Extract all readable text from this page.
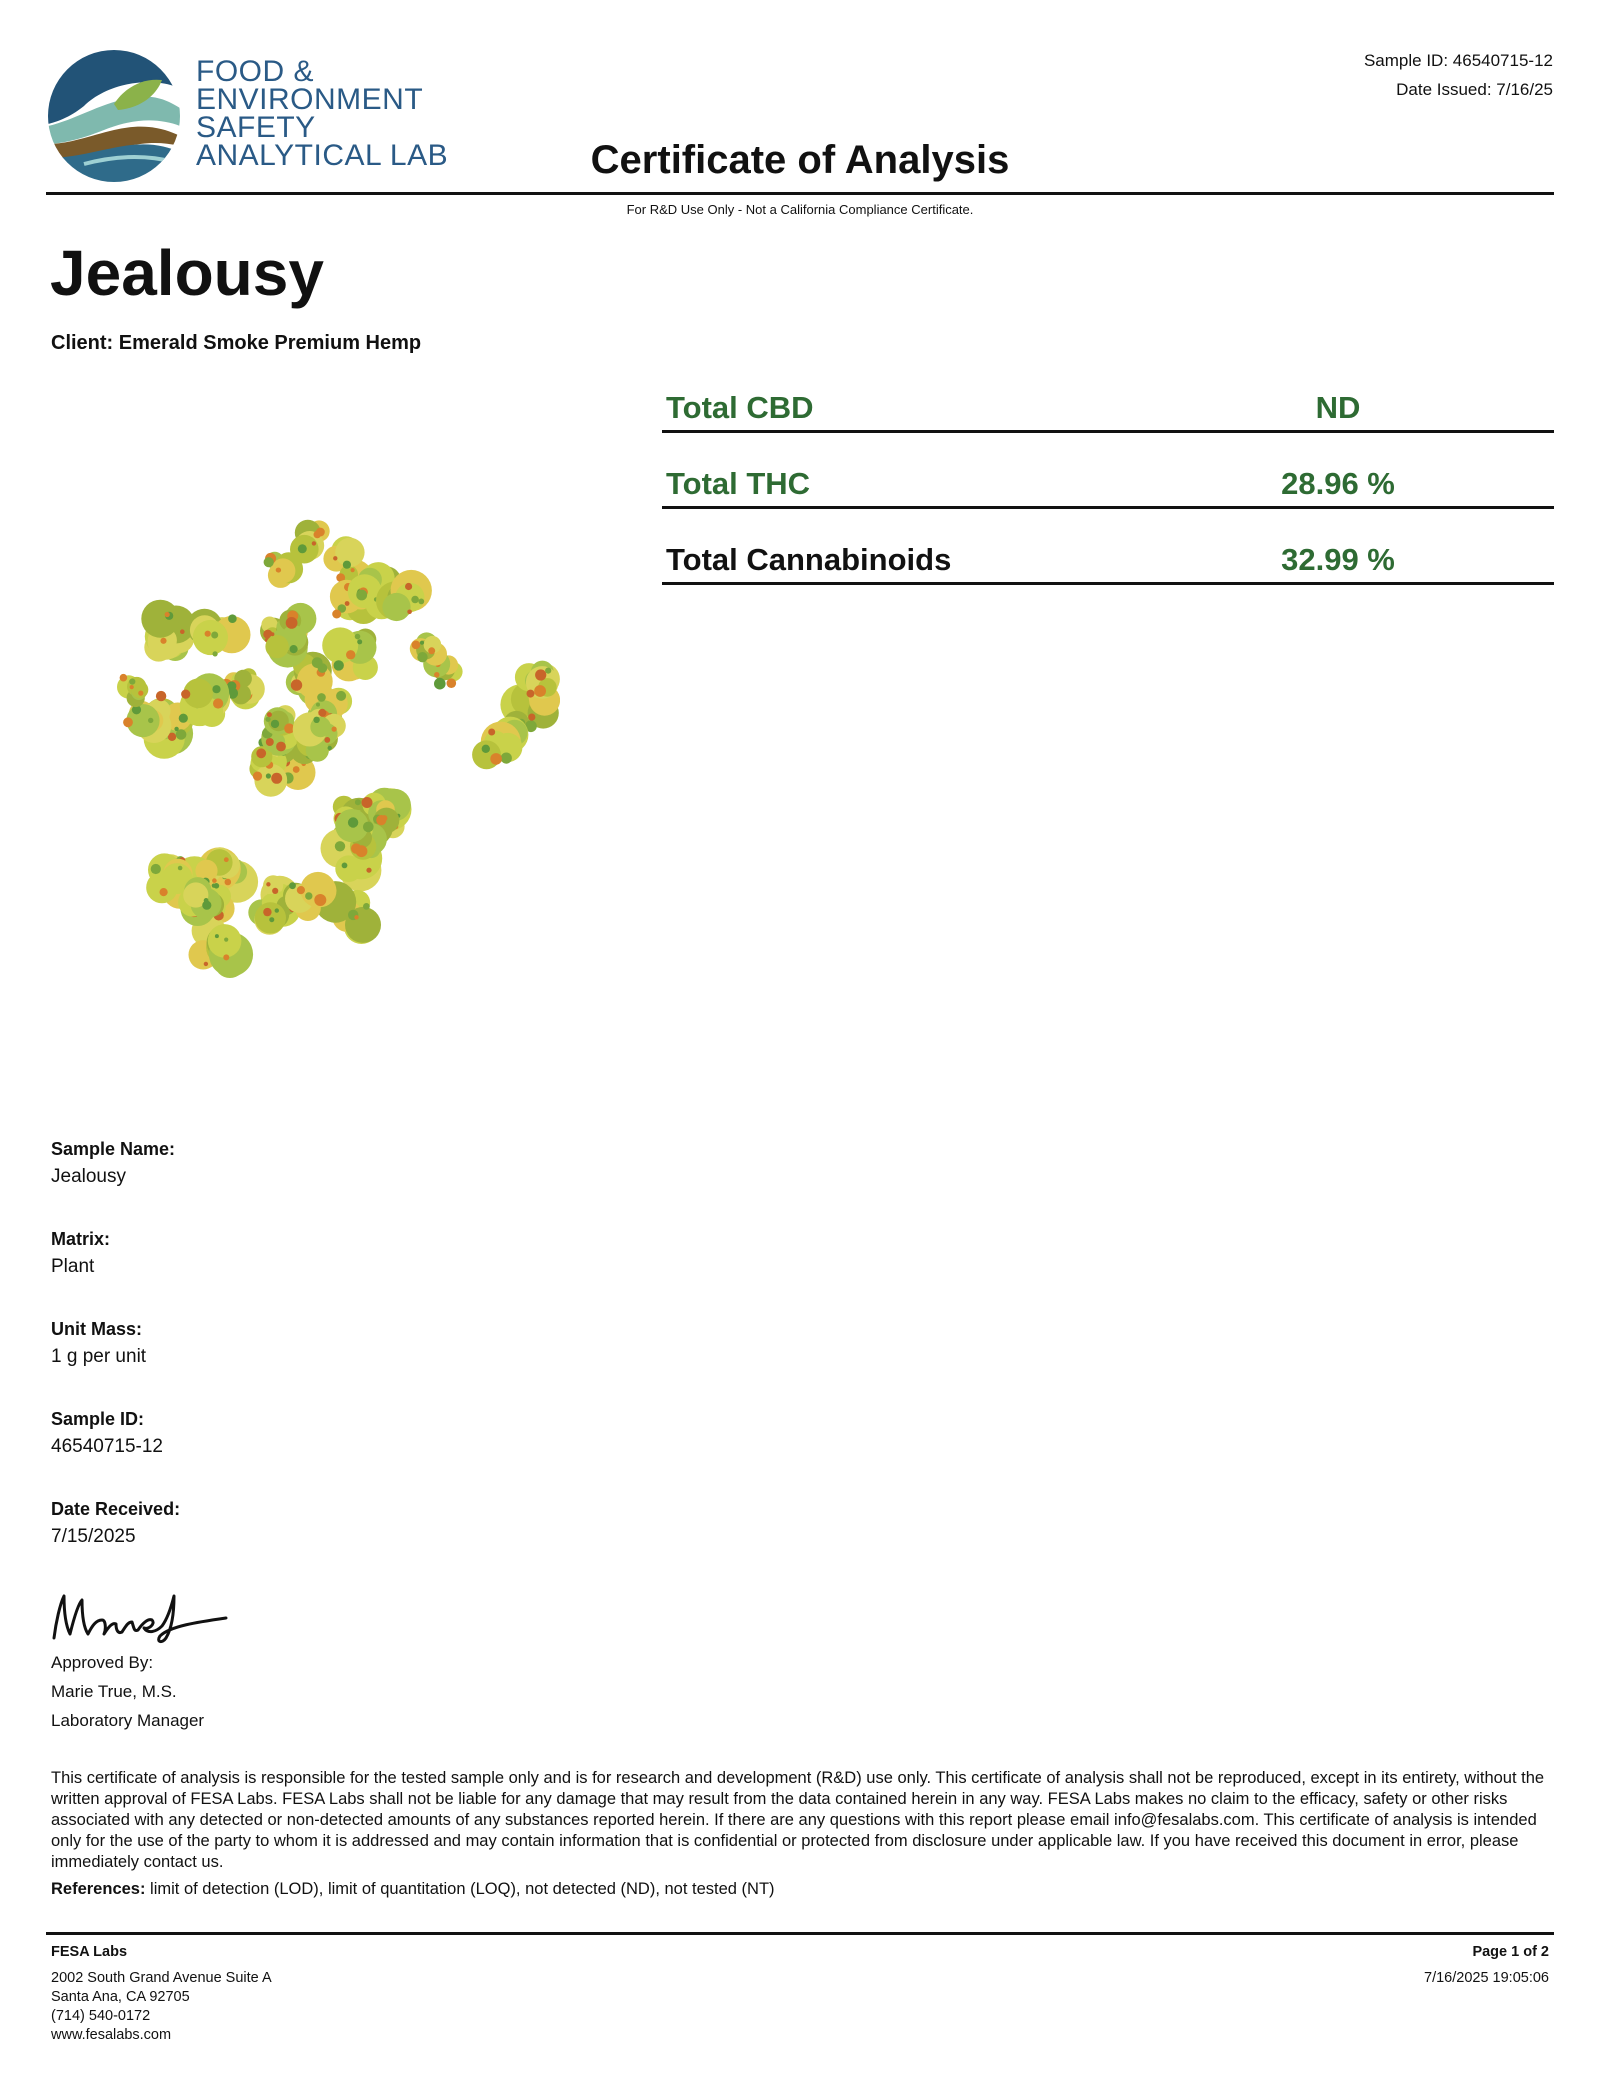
FOOD &
ENVIRONMENT
SAFETY
ANALYTICAL LAB	Certificate of Analysis
Sample ID: 46540715-12
Date Issued: 7/16/25
For R&D Use Only - Not a California Compliance Certificate.
Jealousy
Client: Emerald Smoke Premium Hemp
Total CBD	ND
Total THC	28.96 %
Total Cannabinoids	32.99 %
Sample Name:
Jealousy
Matrix:
Plant
Unit Mass:
1 g per unit
Sample ID:
46540715-12
Date Received:
7/15/2025
Approved By:
Marie True, M.S.
Laboratory Manager
This certificate of analysis is responsible for the tested sample only and is for research and development (R&D) use only. This certificate of analysis shall not be reproduced, except in its entirety, without the written approval of FESA Labs. FESA Labs shall not be liable for any damage that may result from the data contained herein in any way. FESA Labs makes no claim to the efficacy, safety or other risks associated with any detected or non-detected amounts of any substances reported herein. If there are any questions with this report please email info@fesalabs.com. This certificate of analysis is intended only for the use of the party to whom it is addressed and may contain information that is confidential or protected from disclosure under applicable law. If you have received this document in error, please immediately contact us.
References: limit of detection (LOD), limit of quantitation (LOQ), not detected (ND), not tested (NT)
FESA Labs
2002 South Grand Avenue Suite A
Santa Ana, CA 92705
(714) 540-0172
www.fesalabs.com
Page 1 of 2
7/16/2025 19:05:06
